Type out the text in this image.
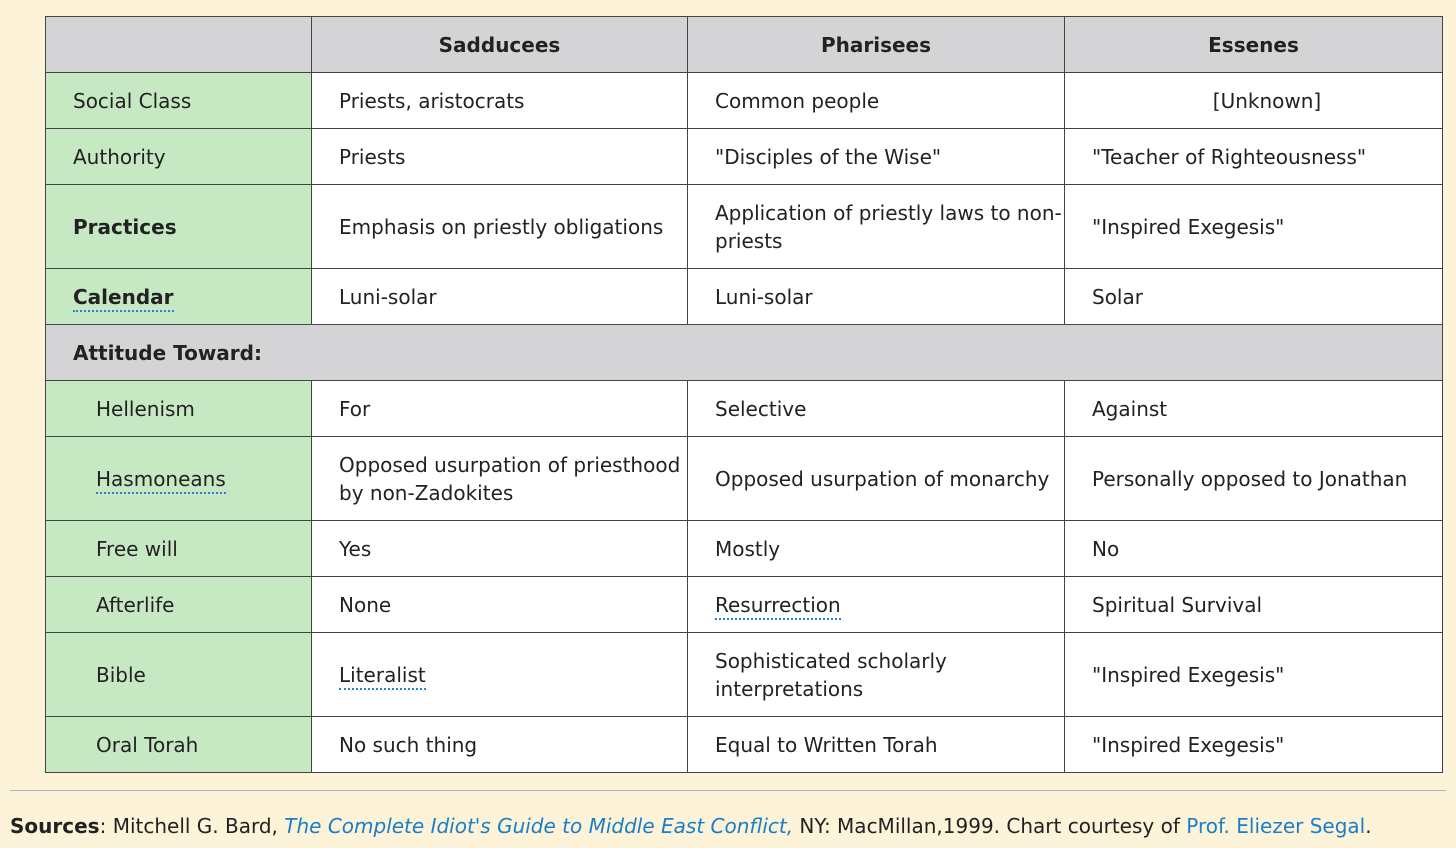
	Sadducees	Pharisees	Essenes
Social Class	Priests, aristocrats	Common people	[Unknown]
Authority	Priests	"Disciples of the Wise"	"Teacher of Righteousness"
Practices	Emphasis on priestly obligations	Application of priestly laws to non-priests	"Inspired Exegesis"
Calendar	Luni-solar	Luni-solar	Solar
Attitude Toward:			
Hellenism	For	Selective	Against
Hasmoneans	Opposed usurpation of priesthood by non-Zadokites	Opposed usurpation of monarchy	Personally opposed to Jonathan
Free will	Yes	Mostly	No
Afterlife	None	Resurrection	Spiritual Survival
Bible	Literalist	Sophisticated scholarly interpretations	"Inspired Exegesis"
Oral Torah	No such thing	Equal to Written Torah	"Inspired Exegesis"
Sources: Mitchell G. Bard, The Complete Idiot's Guide to Middle East Conflict, NY: MacMillan,1999. Chart courtesy of Prof. Eliezer Segal.
